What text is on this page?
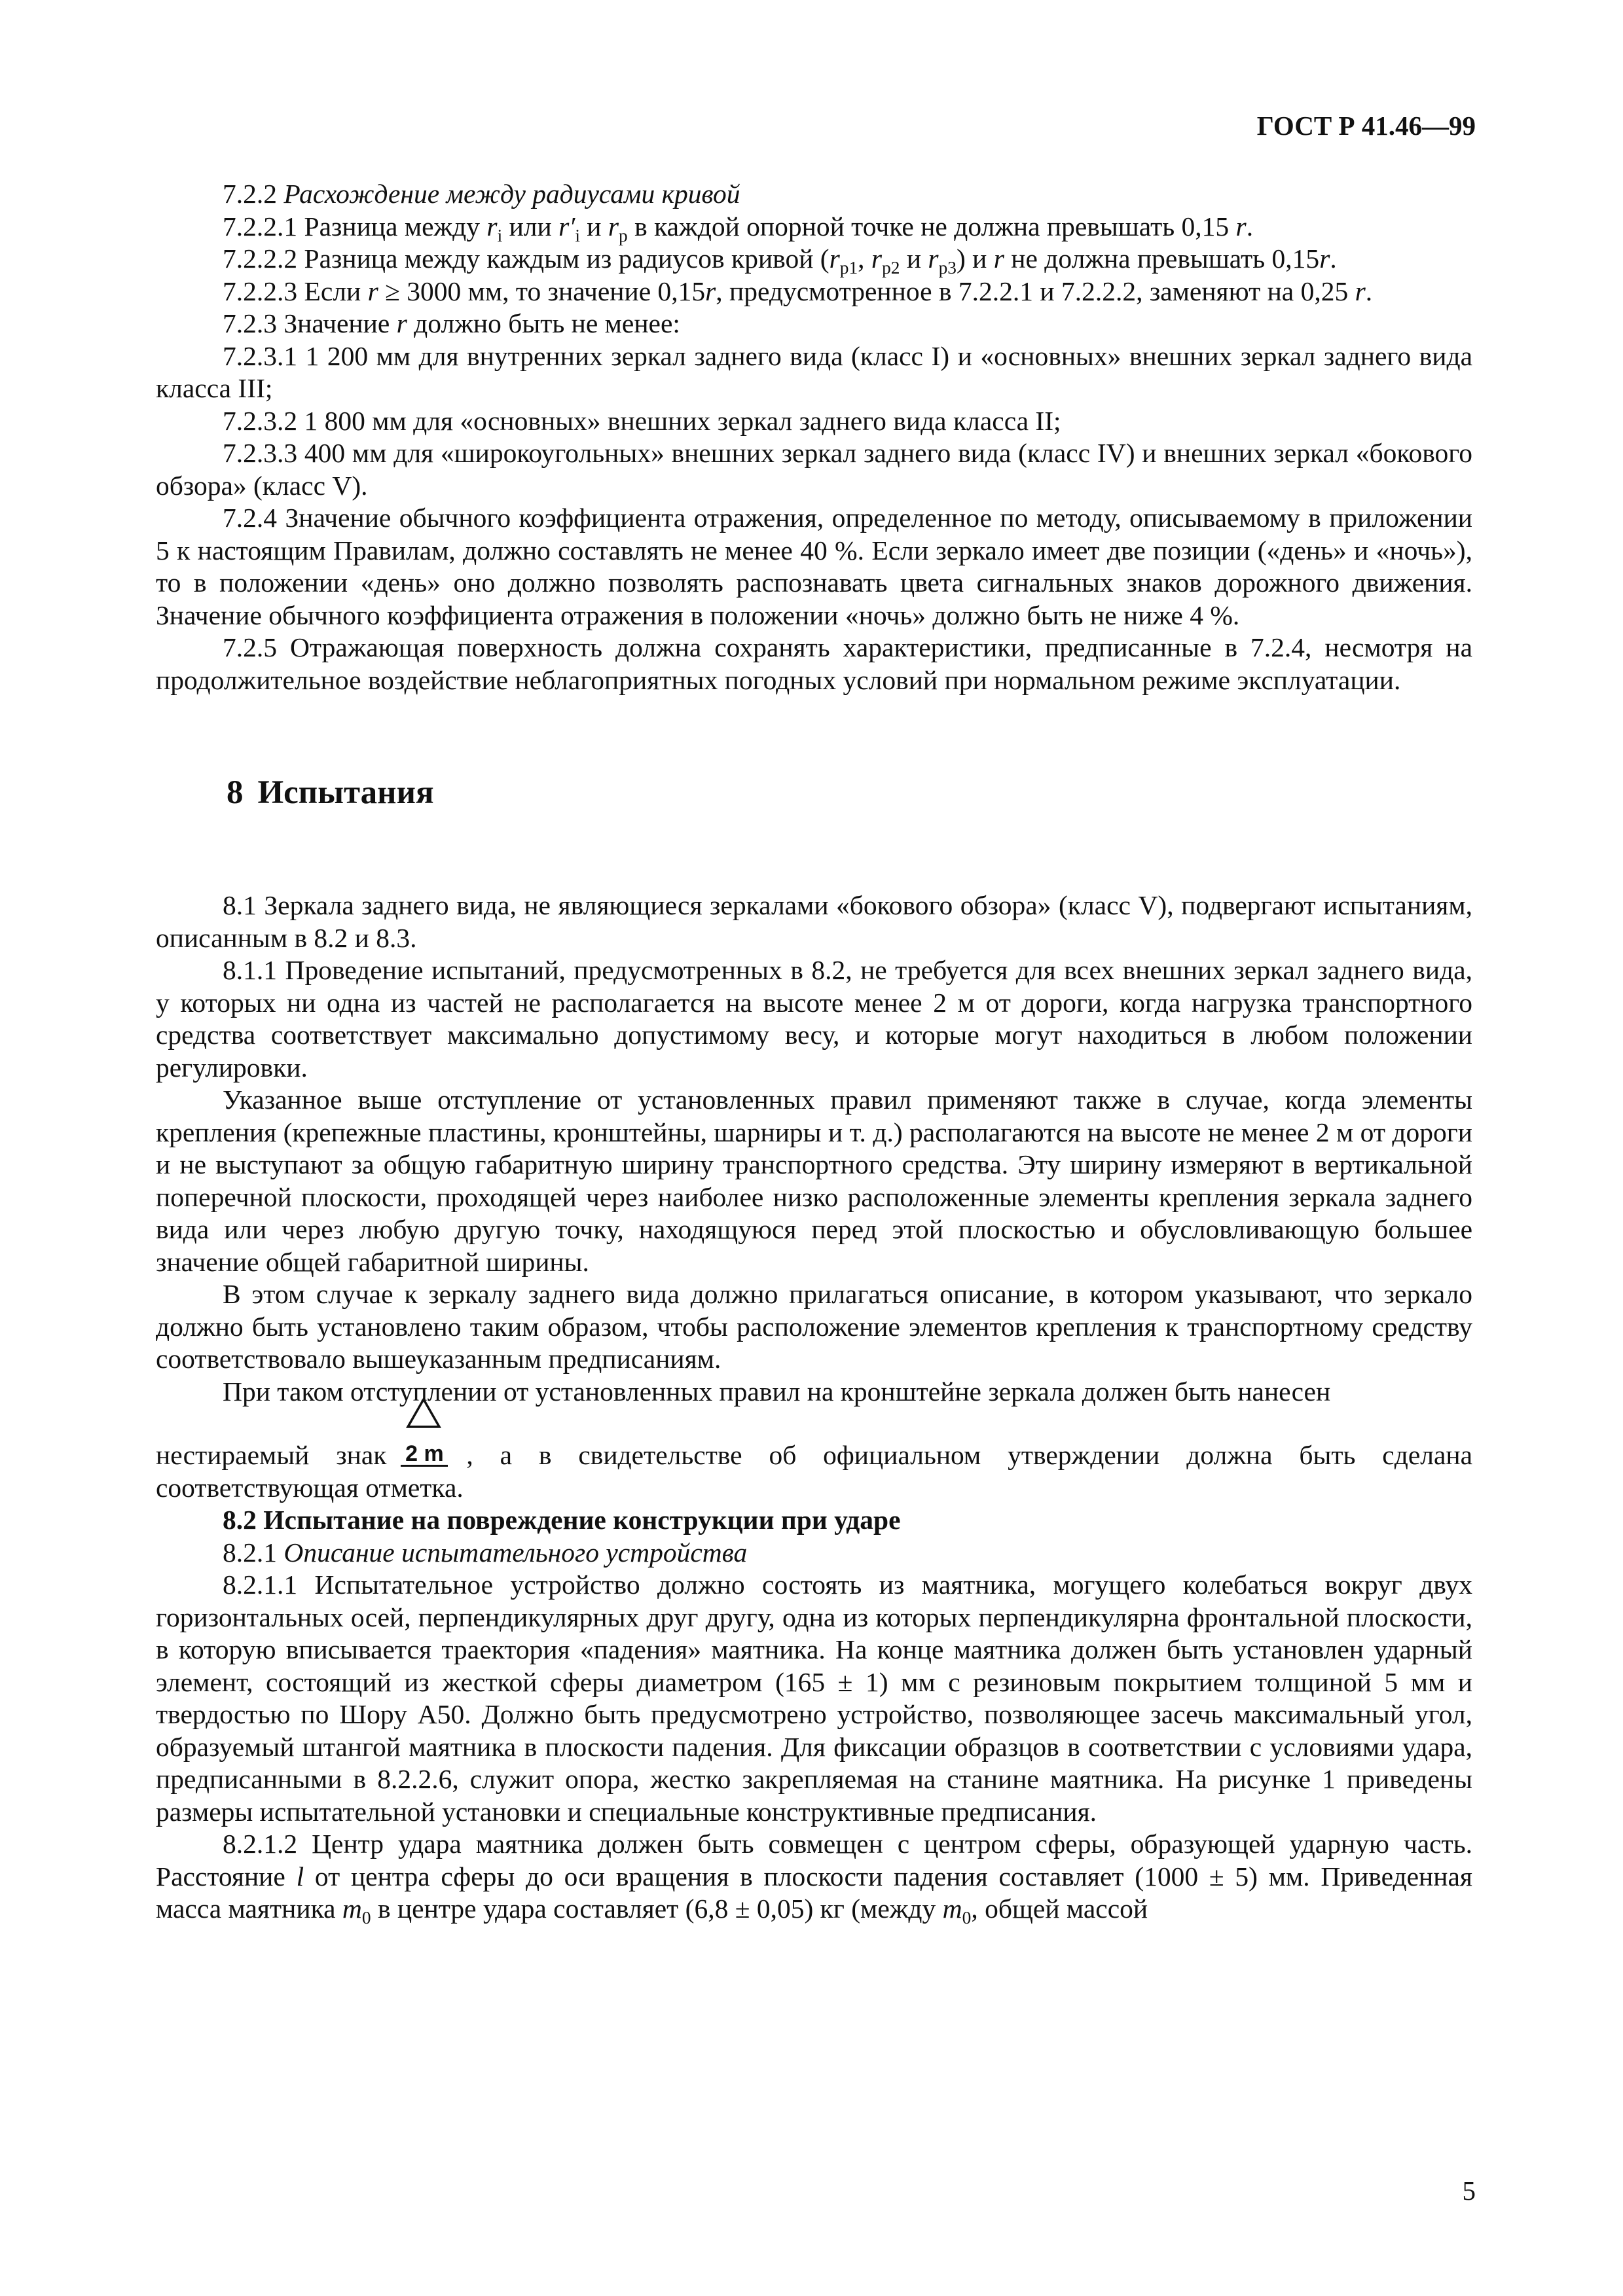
ГОСТ Р 41.46—99

7.2.2 Расхождение между радиусами кривой

7.2.2.1 Разница между $r_i$ или $r'_i$ и $r_p$ в каждой опорной точке не должна превышать 0,15 r.

7.2.2.2 Разница между каждым из радиусов кривой ($r_{p1}$, $r_{p2}$ и $r_{p3}$) и r не должна превышать 0,15r.

7.2.2.3 Если r ≥ 3000 мм, то значение 0,15r, предусмотренное в 7.2.2.1 и 7.2.2.2, заменяют на 0,25 r.

7.2.3 Значение r должно быть не менее:

7.2.3.1 1 200 мм для внутренних зеркал заднего вида (класс I) и «основных» внешних зеркал заднего вида класса III;

7.2.3.2 1 800 мм для «основных» внешних зеркал заднего вида класса II;

7.2.3.3 400 мм для «широкоугольных» внешних зеркал заднего вида (класс IV) и внешних зеркал «бокового обзора» (класс V).

7.2.4 Значение обычного коэффициента отражения, определенное по методу, описываемому в приложении 5 к настоящим Правилам, должно составлять не менее 40 %. Если зеркало имеет две позиции («день» и «ночь»), то в положении «день» оно должно позволять распознавать цвета сигнальных знаков дорожного движения. Значение обычного коэффициента отражения в положении «ночь» должно быть не ниже 4 %.

7.2.5 Отражающая поверхность должна сохранять характеристики, предписанные в 7.2.4, несмотря на продолжительное воздействие неблагоприятных погодных условий при нормальном режиме эксплуатации.

8 Испытания

8.1 Зеркала заднего вида, не являющиеся зеркалами «бокового обзора» (класс V), подвергают испытаниям, описанным в 8.2 и 8.3.

8.1.1 Проведение испытаний, предусмотренных в 8.2, не требуется для всех внешних зеркал заднего вида, у которых ни одна из частей не располагается на высоте менее 2 м от дороги, когда нагрузка транспортного средства соответствует максимально допустимому весу, и которые могут находиться в любом положении регулировки.

Указанное выше отступление от установленных правил применяют также в случае, когда элементы крепления (крепежные пластины, кронштейны, шарниры и т. д.) располагаются на высоте не менее 2 м от дороги и не выступают за общую габаритную ширину транспортного средства. Эту ширину измеряют в вертикальной поперечной плоскости, проходящей через наиболее низко расположенные элементы крепления зеркала заднего вида или через любую другую точку, находящуюся перед этой плоскостью и обусловливающую большее значение общей габаритной ширины.

В этом случае к зеркалу заднего вида должно прилагаться описание, в котором указывают, что зеркало должно быть установлено таким образом, чтобы расположение элементов крепления к транспортному средству соответствовало вышеуказанным предписаниям.

При таком отступлении от установленных правил на кронштейне зеркала должен быть нанесен

нестираемый знак 2 m , а в свидетельстве об официальном утверждении должна быть сделана соответствующая отметка.

8.2 Испытание на повреждение конструкции при ударе

8.2.1 Описание испытательного устройства

8.2.1.1 Испытательное устройство должно состоять из маятника, могущего колебаться вокруг двух горизонтальных осей, перпендикулярных друг другу, одна из которых перпендикулярна фронтальной плоскости, в которую вписывается траектория «падения» маятника. На конце маятника должен быть установлен ударный элемент, состоящий из жесткой сферы диаметром (165 ± 1) мм с резиновым покрытием толщиной 5 мм и твердостью по Шору A50. Должно быть предусмотрено устройство, позволяющее засечь максимальный угол, образуемый штангой маятника в плоскости падения. Для фиксации образцов в соответствии с условиями удара, предписанными в 8.2.2.6, служит опора, жестко закрепляемая на станине маятника. На рисунке 1 приведены размеры испытательной установки и специальные конструктивные предписания.

8.2.1.2 Центр удара маятника должен быть совмещен с центром сферы, образующей ударную часть. Расстояние l от центра сферы до оси вращения в плоскости падения составляет (1000 ± 5) мм. Приведенная масса маятника $m_0$ в центре удара составляет (6,8 ± 0,05) кг (между $m_0$, общей массой

5
